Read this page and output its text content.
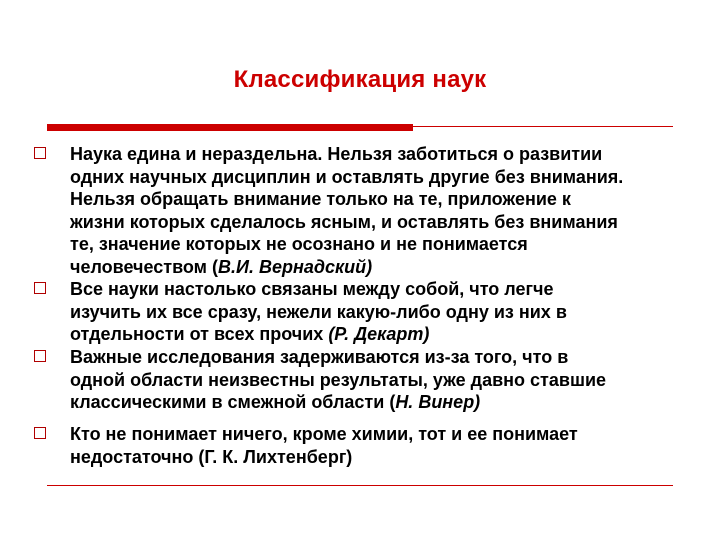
Классификация наук
Наука едина и нераздельна. Нельзя заботиться о развитии
одних научных дисциплин и оставлять другие без внимания.
Нельзя обращать внимание только на те, приложение к
жизни которых сделалось ясным, и оставлять без внимания
те, значение которых не осознано и не понимается
человечеством (В.И. Вернадский)
Все науки настолько связаны между собой, что легче
изучить их все сразу, нежели какую-либо одну из них в
отдельности от всех прочих (Р. Декарт)
Важные исследования задерживаются из-за того, что в
одной области неизвестны результаты, уже давно ставшие
классическими в смежной области (Н. Винер)
Кто не понимает ничего, кроме химии, тот и ее понимает
недостаточно (Г. К. Лихтенберг)
